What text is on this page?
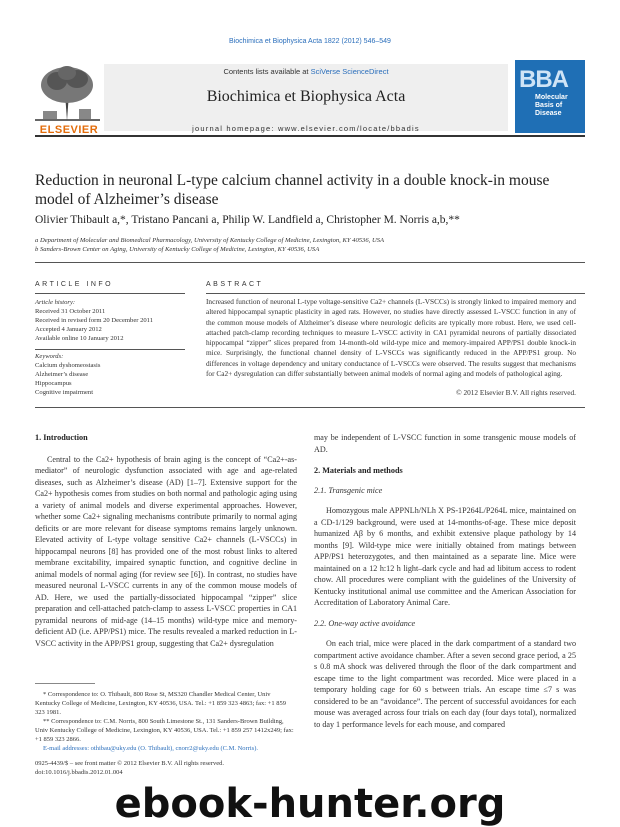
Biochimica et Biophysica Acta 1822 (2012) 546–549
ELSEVIER
Contents lists available at SciVerse ScienceDirect
Biochimica et Biophysica Acta
journal homepage: www.elsevier.com/locate/bbadis
BBA
Molecular Basis of Disease
Reduction in neuronal L-type calcium channel activity in a double knock-in mouse model of Alzheimer’s disease
Olivier Thibault a,*, Tristano Pancani a, Philip W. Landfield a, Christopher M. Norris a,b,**
a Department of Molecular and Biomedical Pharmacology, University of Kentucky College of Medicine, Lexington, KY 40536, USA
b Sanders-Brown Center on Aging, University of Kentucky College of Medicine, Lexington, KY 40536, USA
ARTICLE INFO
Article history:
Received 31 October 2011
Received in revised form 20 December 2011
Accepted 4 January 2012
Available online 10 January 2012
Keywords:
Calcium dyshomeostasis
Alzheimer’s disease
Hippocampus
Cognitive impairment
ABSTRACT
Increased function of neuronal L-type voltage-sensitive Ca2+ channels (L-VSCCs) is strongly linked to impaired memory and altered hippocampal synaptic plasticity in aged rats. However, no studies have directly assessed L-VSCC function in any of the common mouse models of Alzheimer’s disease where neurologic deficits are typically more robust. Here, we used cell-attached patch-clamp recording techniques to measure L-VSCC activity in CA1 pyramidal neurons of partially dissociated hippocampal “zipper” slices prepared from 14-month-old wild-type mice and memory-impaired APP/PS1 double knock-in mice. Surprisingly, the functional channel density of L-VSCCs was significantly reduced in the APP/PS1 group. No differences in voltage dependency and unitary conductance of L-VSCCs were observed. The results suggest that mechanisms for Ca2+ dysregulation can differ substantially between animal models of normal aging and models of pathological aging.
© 2012 Elsevier B.V. All rights reserved.
1. Introduction

Central to the Ca2+ hypothesis of brain aging is the concept of “Ca2+-as-mediator” of neurologic dysfunction associated with age and age-related diseases, such as Alzheimer’s disease (AD) [1–7]. Extensive support for the Ca2+ hypothesis comes from studies on both normal and pathologic aging using a variety of animal models and diverse experimental approaches. However, whether some Ca2+ signaling mechanisms contribute primarily to normal aging deficits or are more relevant for disease symptoms remains largely unknown. Elevated activity of L-type voltage sensitive Ca2+ channels (L-VSCCs) in hippocampal neurons [8] has provided one of the most robust links to altered membrane excitability, impaired synaptic function, and cognitive decline in animal models of normal aging (for review see [6]). In contrast, no studies have measured neuronal L-VSCC currents in any of the common mouse models of AD. Here, we used the partially-dissociated hippocampal “zipper” slice preparation and cell-attached patch-clamp to assess L-VSCC properties in CA1 pyramidal neurons of mid-age (14–15 months) wild-type mice and memory-deficient AD (i.e. APP/PS1) mice. The results revealed a marked reduction in L-VSCC activity in the APP/PS1 group, suggesting that Ca2+ dysregulation

* Correspondence to: O. Thibault, 800 Rose St, MS320 Chandler Medical Center, Univ Kentucky College of Medicine, Lexington, KY 40536, USA. Tel.: +1 859 323 4863; fax: +1 859 323 1981.
** Correspondence to: C.M. Norris, 800 South Limestone St., 131 Sanders-Brown Building, Univ Kentucky College of Medicine, Lexington, KY 40536, USA. Tel.: +1 859 257 1412x249; fax: +1 859 323 2866.
E-mail addresses: othibau@uky.edu (O. Thibault), cnorr2@uky.edu (C.M. Norris).
0925-4439/$ – see front matter © 2012 Elsevier B.V. All rights reserved.
doi:10.1016/j.bbadis.2012.01.004
may be independent of L-VSCC function in some transgenic mouse models of AD.
2. Materials and methods
2.1. Transgenic mice

Homozygous male APPNLh/NLh X PS-1P264L/P264L mice, maintained on a CD-1/129 background, were used at 14-months-of-age. These mice deposit humanized Aβ by 6 months, and exhibit extensive plaque pathology by 14 months [9]. Wild-type mice were initially obtained from matings between APP/PS1 heterozygotes, and then maintained as a separate line. Mice were maintained on a 12 h:12 h light–dark cycle and had ad libitum access to rodent chow. All procedures were compliant with the guidelines of the University of Kentucky institutional animal use committee and the American Association for Accreditation of Laboratory Animal Care.

2.2. One-way active avoidance

On each trial, mice were placed in the dark compartment of a standard two compartment active avoidance chamber. After a seven second grace period, a 25 s 0.8 mA shock was delivered through the floor of the dark compartment and escape time to the light compartment was recorded. Mice were placed in a temporary holding cage for 60 s between trials. An escape time ≤7 s was considered to be an “avoidance”. The percent of successful avoidances for each mouse was averaged across four trials on each day (four days total), normalized to day 1 performance levels for each mouse, and compared

ebook-hunter.org
